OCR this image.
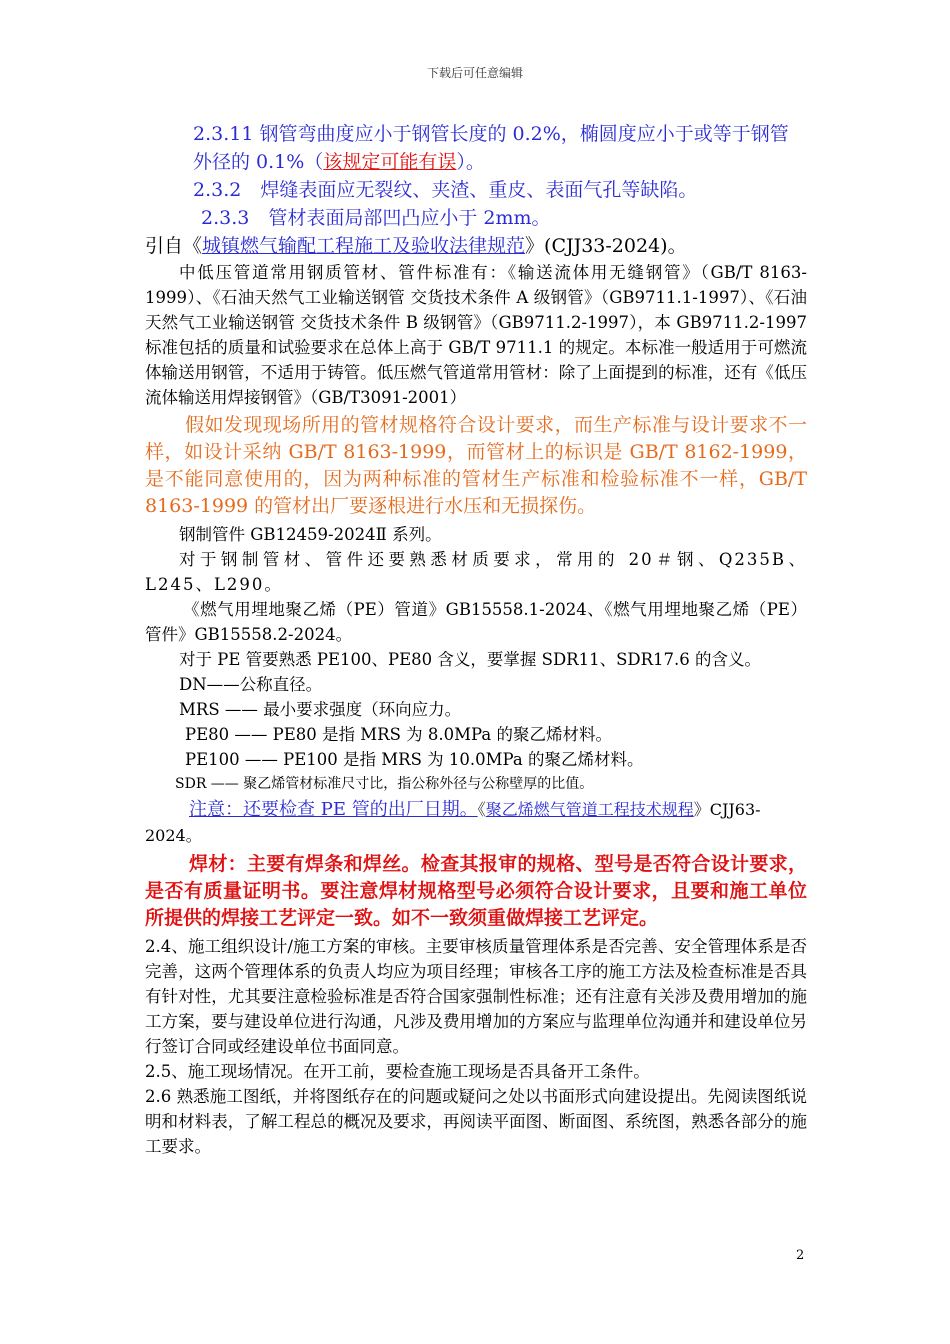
下载后可任意编辑

2.3.11 钢管弯曲度应小于钢管长度的 0.2%，椭圆度应小于或等于钢管外径的 0.1%（该规定可能有误）。

2.3.2　焊缝表面应无裂纹、夹渣、重皮、表面气孔等缺陷。

2.3.3　管材表面局部凹凸应小于 2mm。

引自《城镇燃气输配工程施工及验收法律规范》(CJJ33-2024)。

中低压管道常用钢质管材、管件标准有：《输送流体用无缝钢管》（GB/T 8163-1999）、《石油天然气工业输送钢管 交货技术条件 A 级钢管》（GB9711.1-1997）、《石油天然气工业输送钢管 交货技术条件 B 级钢管》（GB9711.2-1997），本 GB9711.2-1997 标准包括的质量和试验要求在总体上高于 GB/T 9711.1 的规定。本标准一般适用于可燃流体输送用钢管，不适用于铸管。低压燃气管道常用管材：除了上面提到的标准，还有《低压流体输送用焊接钢管》（GB/T3091-2001）

假如发现现场所用的管材规格符合设计要求，而生产标准与设计要求不一样，如设计采纳 GB/T 8163-1999，而管材上的标识是 GB/T 8162-1999，是不能同意使用的，因为两种标准的管材生产标准和检验标准不一样，GB/T 8163-1999 的管材出厂要逐根进行水压和无损探伤。

钢制管件 GB12459-2024Ⅱ 系列。

对于钢制管材、管件还要熟悉材质要求，常用的 20＃钢、Q235B、L245、L290。

《燃气用埋地聚乙烯（PE）管道》GB15558.1-2024、《燃气用埋地聚乙烯（PE）管件》GB15558.2-2024。

对于 PE 管要熟悉 PE100、PE80 含义，要掌握 SDR11、SDR17.6 的含义。

DN——公称直径。

MRS —— 最小要求强度（环向应力。

PE80 —— PE80 是指 MRS 为 8.0MPa 的聚乙烯材料。

PE100 —— PE100 是指 MRS 为 10.0MPa 的聚乙烯材料。

SDR —— 聚乙烯管材标准尺寸比，指公称外径与公称壁厚的比值。

注意：还要检查 PE 管的出厂日期。《聚乙烯燃气管道工程技术规程》CJJ63-2024。

焊材：主要有焊条和焊丝。检查其报审的规格、型号是否符合设计要求，是否有质量证明书。要注意焊材规格型号必须符合设计要求，且要和施工单位所提供的焊接工艺评定一致。如不一致须重做焊接工艺评定。

2.4、施工组织设计/施工方案的审核。主要审核质量管理体系是否完善、安全管理体系是否完善，这两个管理体系的负责人均应为项目经理；审核各工序的施工方法及检查标准是否具有针对性，尤其要注意检验标准是否符合国家强制性标准；还有注意有关涉及费用增加的施工方案，要与建设单位进行沟通，凡涉及费用增加的方案应与监理单位沟通并和建设单位另行签订合同或经建设单位书面同意。

2.5、施工现场情况。在开工前，要检查施工现场是否具备开工条件。

2.6 熟悉施工图纸，并将图纸存在的问题或疑问之处以书面形式向建设提出。先阅读图纸说明和材料表，了解工程总的概况及要求，再阅读平面图、断面图、系统图，熟悉各部分的施工要求。

2
